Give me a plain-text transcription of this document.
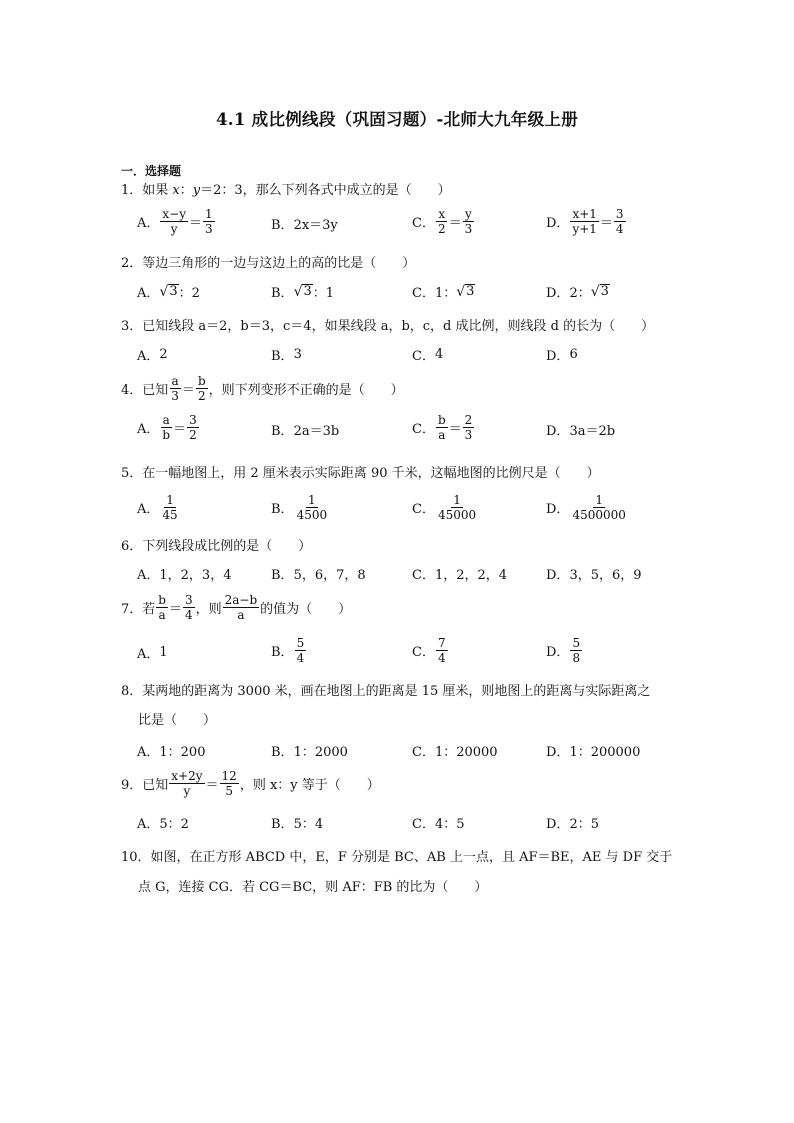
4.1 成比例线段（巩固习题）-北师大九年级上册
一．选择题
1．如果 x：y＝2：3，那么下列各式中成立的是（　　）
A． $\frac{x-y}{y} = \frac{1}{3}$	B． 2x＝3y	C． $\frac{x}{2} = \frac{y}{3}$	D． $\frac{x+1}{y+1} = \frac{3}{4}$
2．等边三角形的一边与这边上的高的比是（　　）
A． √ 3 ：2	B． √ 3 ：1	C． 1： √ 3	D． 2： √ 3
3．已知线段 a＝2，b＝3，c＝4，如果线段 a，b，c，d 成比例，则线段 d 的长为（　　）
A． 2	B． 3	C． 4	D． 6
4．已知 $\frac{a}{3} = \frac{b}{2}$ ，则下列变形不正确的是（　　）
A． $\frac{a}{b} = \frac{3}{2}$	B． 2a＝3b	C． $\frac{b}{a} = \frac{2}{3}$	D． 3a＝2b
5．在一幅地图上，用 2 厘米表示实际距离 90 千米，这幅地图的比例尺是（　　）
A． $\frac{1}{45}$	B． $\frac{1}{4500}$	C． $\frac{1}{45000}$	D． $\frac{1}{4500000}$
6．下列线段成比例的是（　　）
A． 1，2，3，4	B． 5，6，7，8	C． 1，2，2，4	D． 3，5，6，9
7．若 $\frac{b}{a} = \frac{3}{4}$ ，则 $\frac{2a-b}{a}$ 的值为（　　）
A． 1	B． $\frac{5}{4}$	C． $\frac{7}{4}$	D． $\frac{5}{8}$
8．某两地的距离为 3000 米，画在地图上的距离是 15 厘米，则地图上的距离与实际距离之
比是（　　）
A． 1：200	B． 1：2000	C． 1：20000	D． 1：200000
9．已知 $\frac{x+2y}{y} = \frac{12}{5}$ ，则 x：y 等于（　　）
A． 5：2	B． 5：4	C． 4：5	D． 2：5
10．如图，在正方形 ABCD 中，E，F 分别是 BC、AB 上一点，且 AF＝BE，AE 与 DF 交于
点 G，连接 CG．若 CG＝BC，则 AF：FB 的比为（　　）
